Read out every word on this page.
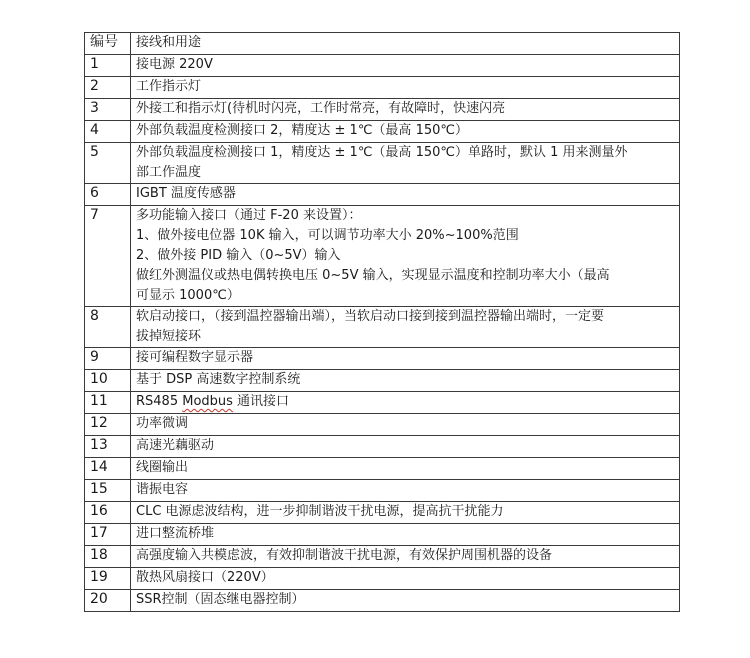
编号	接线和用途
1	接电源 220V

2	工作指示灯

3	外接工和指示灯(待机时闪亮，工作时常亮，有故障时，快速闪亮

4	外部负载温度检测接口 2，精度达 ± 1℃（最高 150℃）

5	外部负载温度检测接口 1，精度达 ± 1℃（最高 150℃）单路时，默认 1 用来测量外
部工作温度

6	IGBT 温度传感器

7	多功能输入接口（通过 F-20 来设置）：
1、做外接电位器 10K 输入，可以调节功率大小 20%~100%范围
2、做外接 PID 输入（0~5V）输入
做红外测温仪或热电偶转换电压 0~5V 输入，实现显示温度和控制功率大小（最高
可显示 1000℃）

8	软启动接口，（接到温控器输出端），当软启动口接到接到温控器输出端时，一定要
拔掉短接环

9	接可编程数字显示器

10	基于 DSP 高速数字控制系统

11	RS485 Modbus 通讯接口

12	功率微调

13	高速光藕驱动

14	线圈输出

15	谐振电容

16	CLC 电源虑波结构，进一步抑制谐波干扰电源，提高抗干扰能力

17	进口整流桥堆

18	高强度输入共模虑波，有效抑制谐波干扰电源，有效保护周围机器的设备

19	散热风扇接口（220V）

20	SSR控制（固态继电器控制）
